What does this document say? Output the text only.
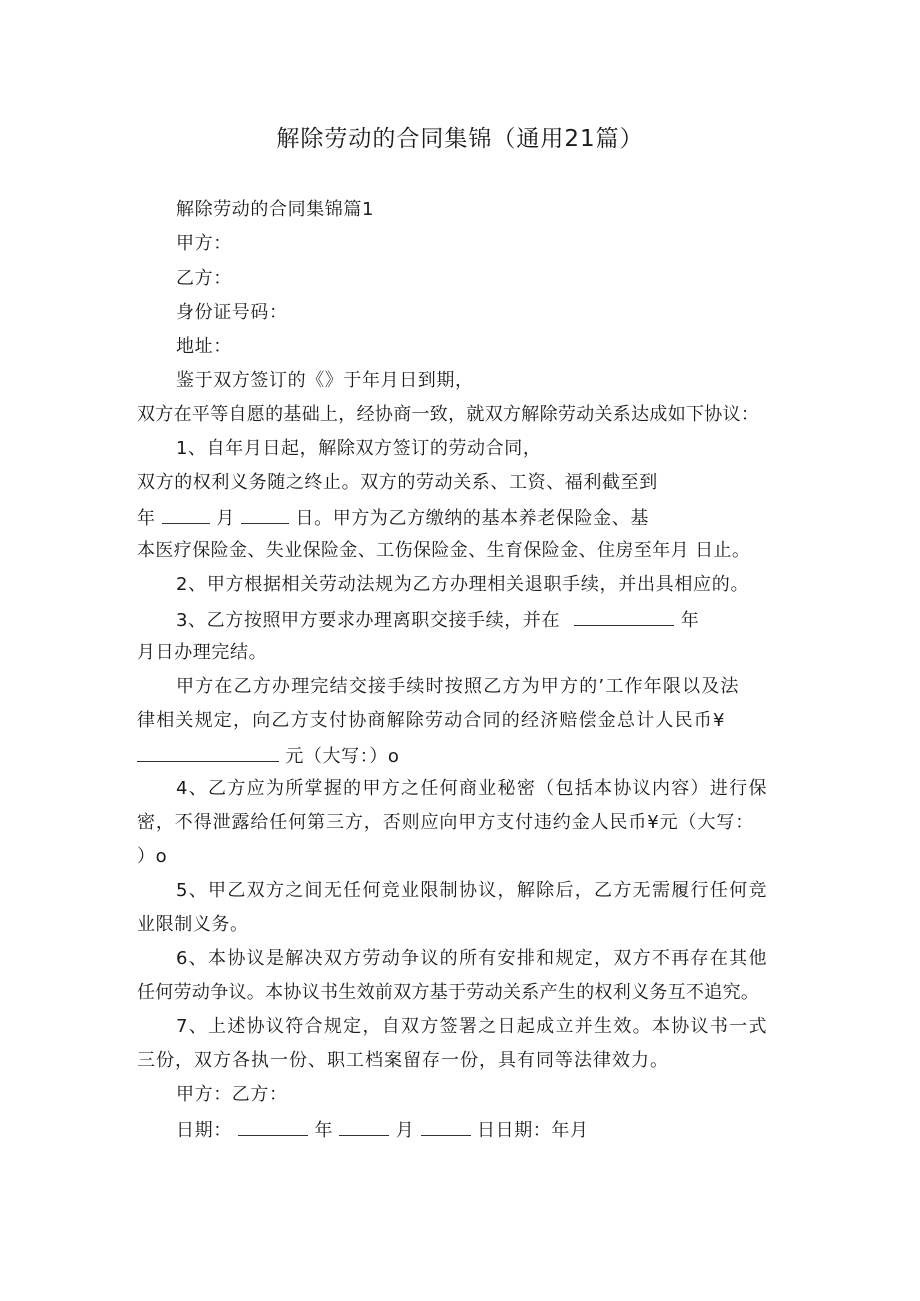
解除劳动的合同集锦（通用21篇）
解除劳动的合同集锦篇1
甲方：
乙方：
身份证号码：
地址：
鉴于双方签订的《》于年月日到期，
双方在平等自愿的基础上，经协商一致，就双方解除劳动关系达成如下协议：
1、自年月日起，解除双方签订的劳动合同，
双方的权利义务随之终止。双方的劳动关系、工资、福利截至到
年	月	日。甲方为乙方缴纳的基本养老保险金、基
本医疗保险金、失业保险金、工伤保险金、生育保险金、住房至年月 日止。
2、甲方根据相关劳动法规为乙方办理相关退职手续，并出具相应的。
3、乙方按照甲方要求办理离职交接手续，并在	年
月日办理完结。
甲方在乙方办理完结交接手续时按照乙方为甲方的’工作年限以及法
律相关规定，向乙方支付协商解除劳动合同的经济赔偿金总计人民币¥
元（大写：）o
4、乙方应为所掌握的甲方之任何商业秘密（包括本协议内容）进行保
密，不得泄露给任何第三方，否则应向甲方支付违约金人民币¥元（大写：
）o
5、甲乙双方之间无任何竞业限制协议，解除后，乙方无需履行任何竞
业限制义务。
6、本协议是解决双方劳动争议的所有安排和规定，双方不再存在其他
任何劳动争议。本协议书生效前双方基于劳动关系产生的权利义务互不追究。
7、上述协议符合规定，自双方签署之日起成立并生效。本协议书一式
三份，双方各执一份、职工档案留存一份，具有同等法律效力。
甲方：乙方：
日期：	年	月	日日期：年月
